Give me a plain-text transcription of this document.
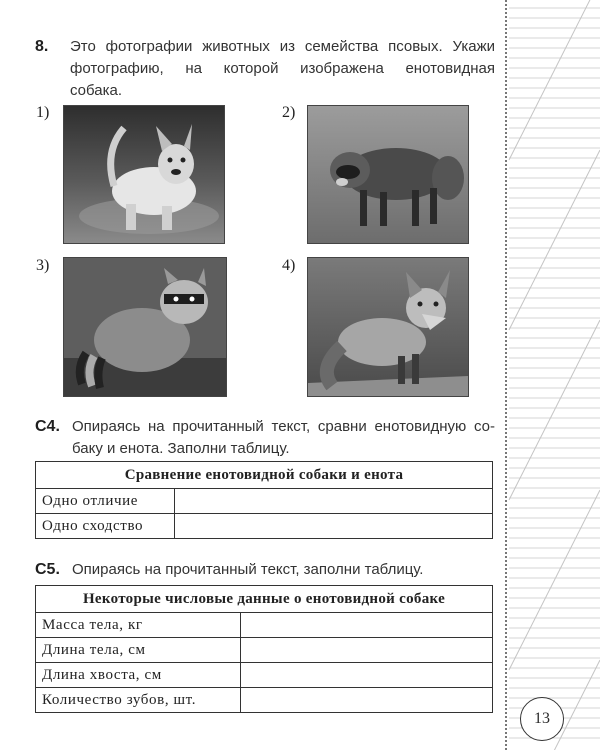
8. Это фотографии животных из семейства псовых. Укажи
фотографию, на которой изображена енотовидная
собака.
1)	2)
3)	4)
С4. Опираясь на прочитанный текст, сравни енотовидную со-
баку и енота. Заполни таблицу.
Сравнение енотовидной собаки и енота	
Одно отличие	
Одно сходство	
С5. Опираясь на прочитанный текст, заполни таблицу.
Некоторые числовые данные о енотовидной собаке	
Масса тела, кг	
Длина тела, см	
Длина хвоста, см	
Количество зубов, шт.	
13
